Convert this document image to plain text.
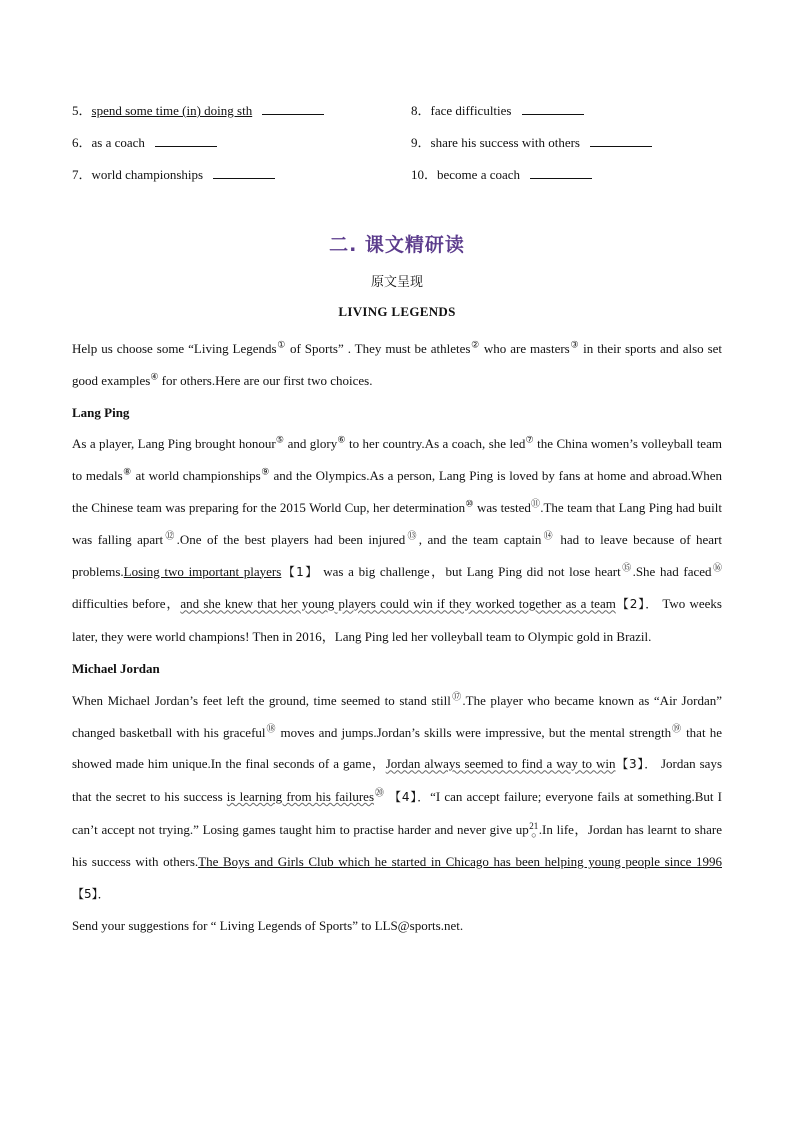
5．spend some time (in) doing sth	8．face difficulties
6．as a coach	9．share his success with others
7．world championships	10．become a coach
二. 课文精研读
原文呈现
LIVING LEGENDS

Help us choose some “Living Legends① of Sports” . They must be athletes② who are masters③ in their sports and also set good examples④ for others.Here are our first two choices.

Lang Ping

As a player, Lang Ping brought honour⑤ and glory⑥ to her country.As a coach, she led⑦ the China women’s volleyball team to medals⑧ at world championships⑨ and the Olympics.As a person, Lang Ping is loved by fans at home and abroad.When the Chinese team was preparing for the 2015 World Cup, her determination⑩ was tested⑪.The team that Lang Ping had built was falling apart⑫.One of the best players had been injured⑬, and the team captain⑭ had to leave because of heart problems.Losing two important players【1】 was a big challenge，but Lang Ping did not lose heart⑮.She had faced⑯ difficulties before，and she knew that her young players could win if they worked together as a team【2】． Two weeks later, they were world champions! Then in 2016，Lang Ping led her volleyball team to Olympic gold in Brazil.

Michael Jordan

When Michael Jordan’s feet left the ground, time seemed to stand still⑰.The player who became known as “Air Jordan” changed basketball with his graceful⑱ moves and jumps.Jordan’s skills were impressive, but the mental strength⑲ that he showed made him unique.In the final seconds of a game，Jordan always seemed to find a way to win【3】． Jordan says that the secret to his success is learning from his failures⑳ 【4】．“I can accept failure; everyone fails at something.But I can’t accept not trying.” Losing games taught him to practise harder and never give up21
○ .In life，Jordan has learnt to share his success with others.The Boys and Girls Club which he started in Chicago has been helping young people since 1996【5】．

Send your suggestions for “ Living Legends of Sports” to LLS@sports.net.
